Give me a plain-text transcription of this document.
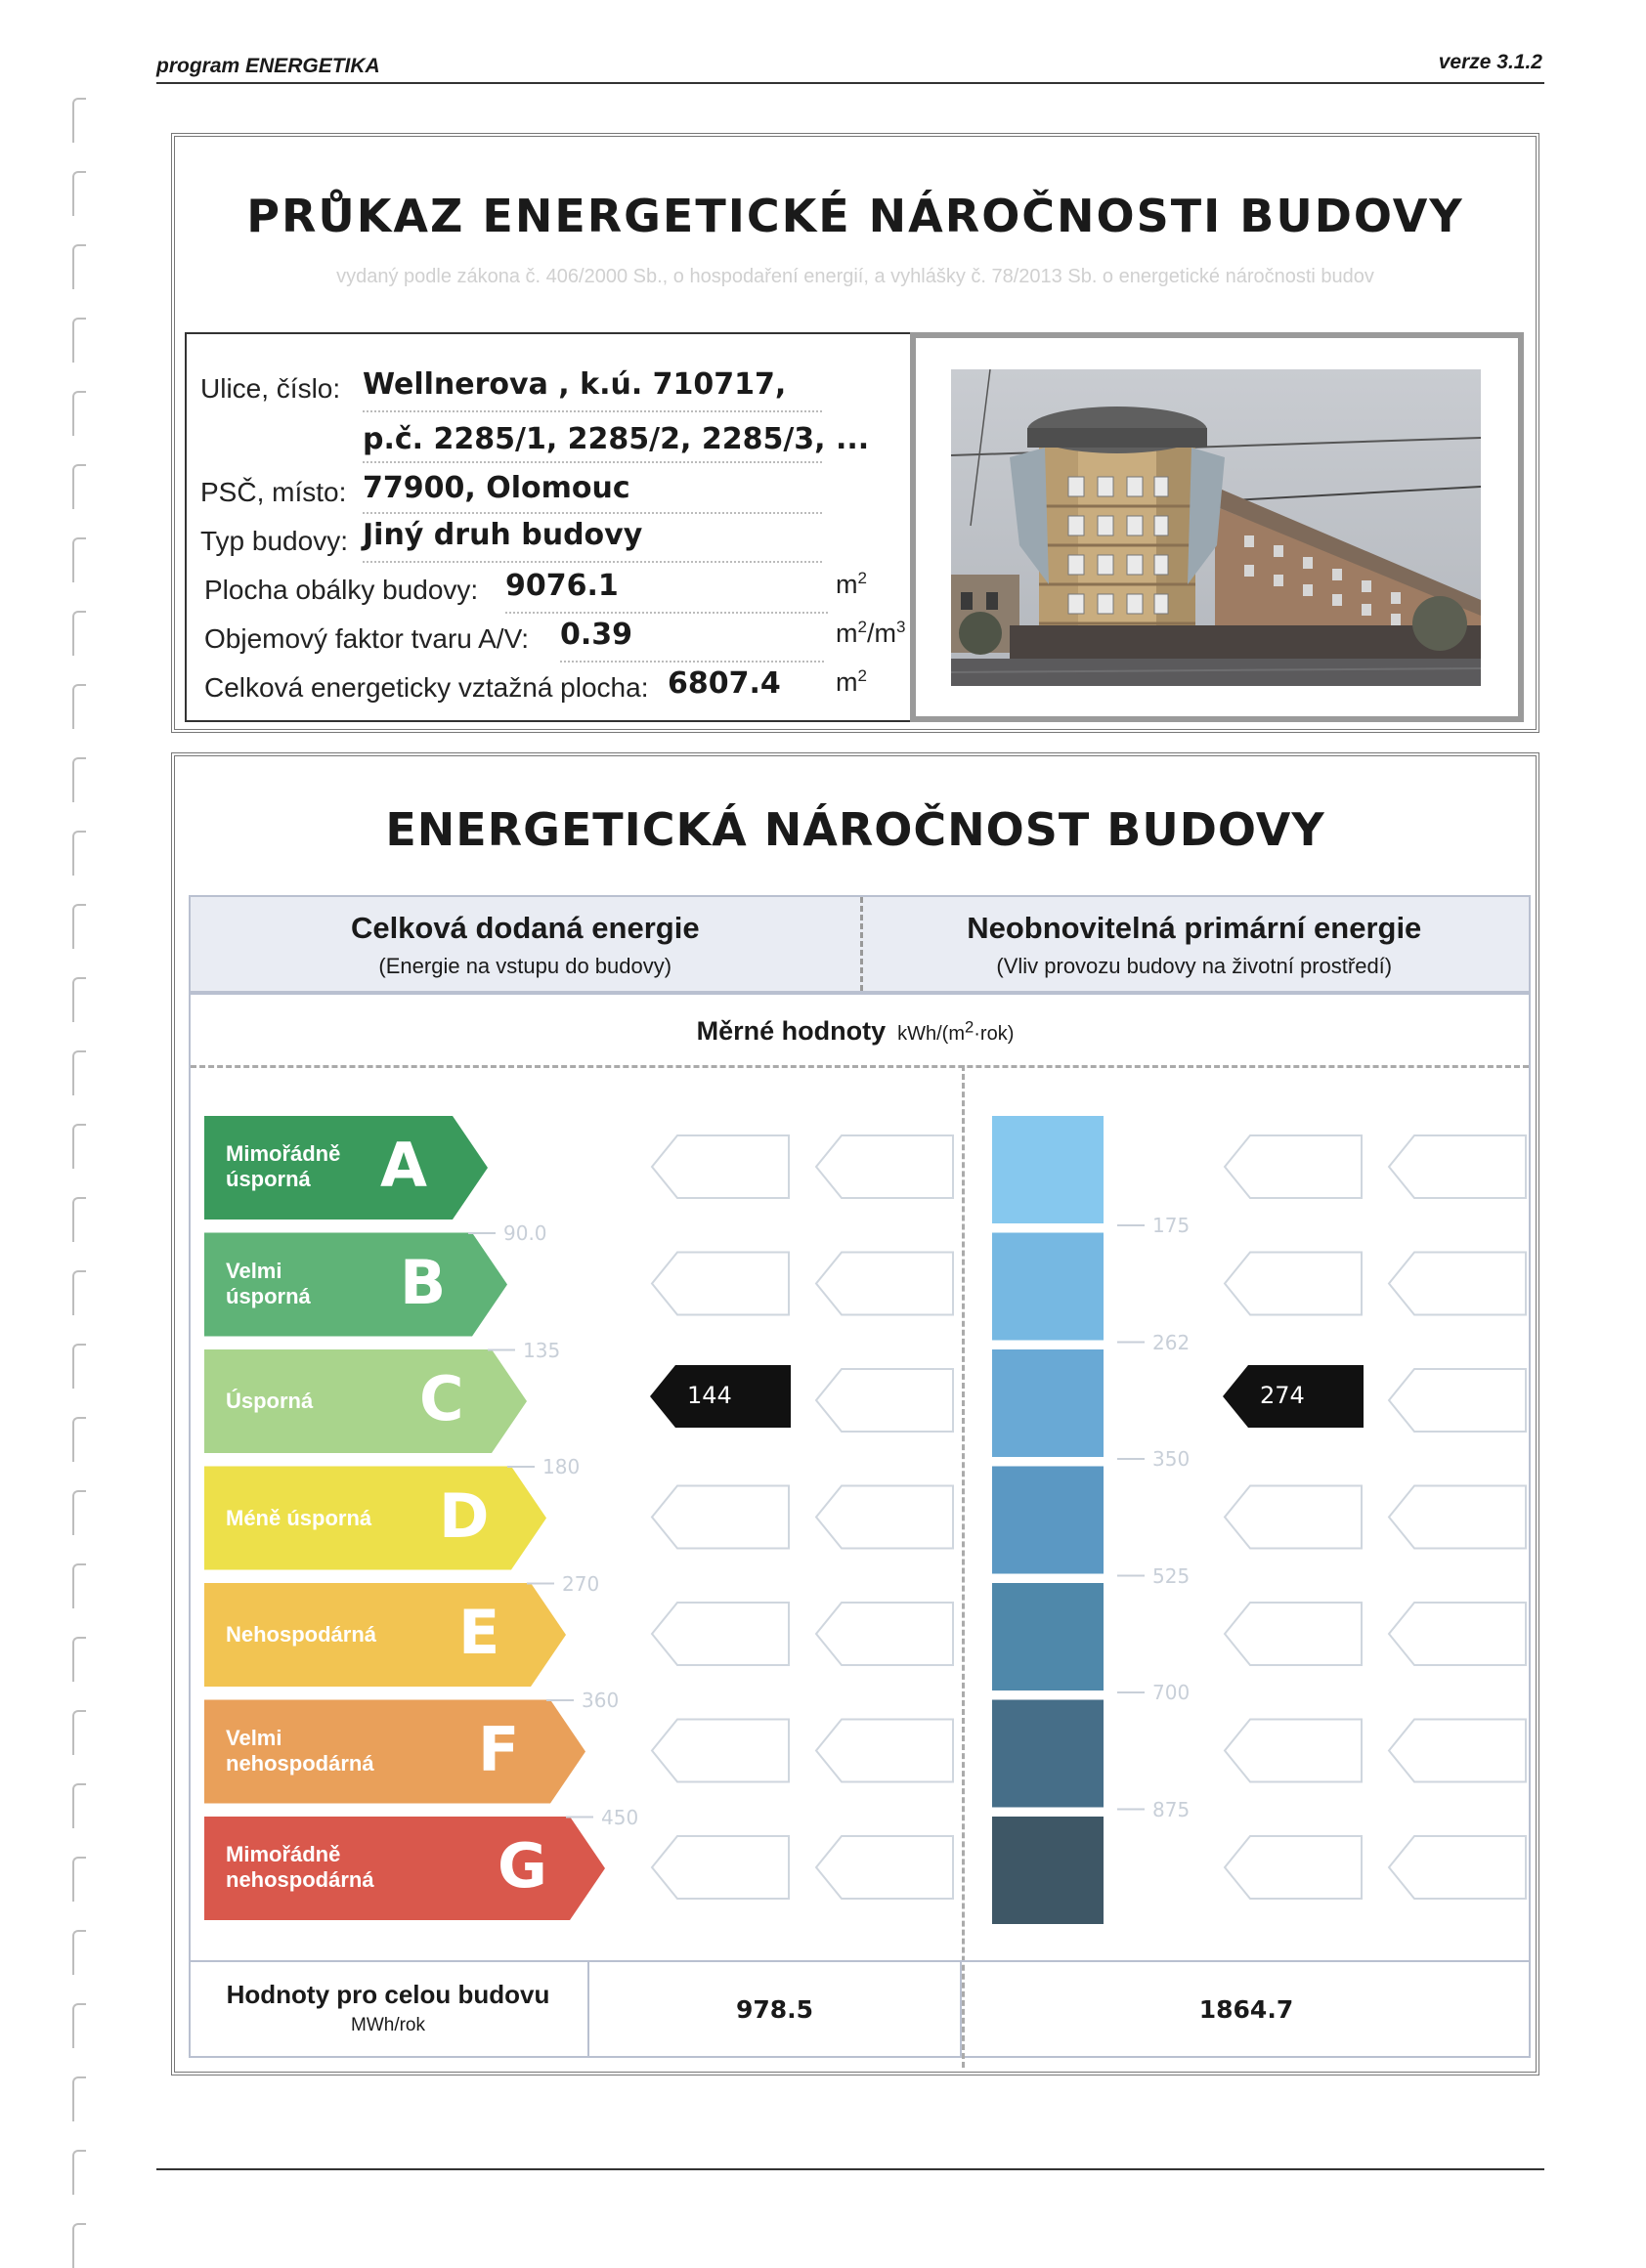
program ENERGETIKA	verze 3.1.2
PRŮKAZ ENERGETICKÉ NÁROČNOSTI BUDOVY
vydaný podle zákona č. 406/2000 Sb., o hospodaření energií, a vyhlášky č. 78/2013 Sb. o energetické náročnosti budov
Ulice, číslo: Wellnerova , k.ú. 710717,
p.č. 2285/1, 2285/2, 2285/3, ...
PSČ, místo: 77900, Olomouc
Typ budovy: Jiný druh budovy
Plocha obálky budovy: 9076.1	$m^2$
Objemový faktor tvaru A/V: 0.39	$m^2/m^3$
Celková energeticky vztažná plocha: 6807.4 $m^2$
ENERGETICKÁ NÁROČNOST BUDOVY
Celková dodaná energie
(Energie na vstupu do budovy)
Neobnovitelná primární energie
(Vliv provozu budovy na životní prostředí)
Měrné hodnoty kWh/$(m^2\cdot rok)$
Mimořádně
úsporná	A
Velmi
úsporná B
Úsporná C
Méně úsporná D
Nehospodárná E
Velmi
nehospodárná F
Mimořádně
nehospodárná G
90.0
135
180
270
360
450
175
262
350
525
700
875
144	274
Hodnoty pro celou budovu
MWh/rok
978.5	1864.7
